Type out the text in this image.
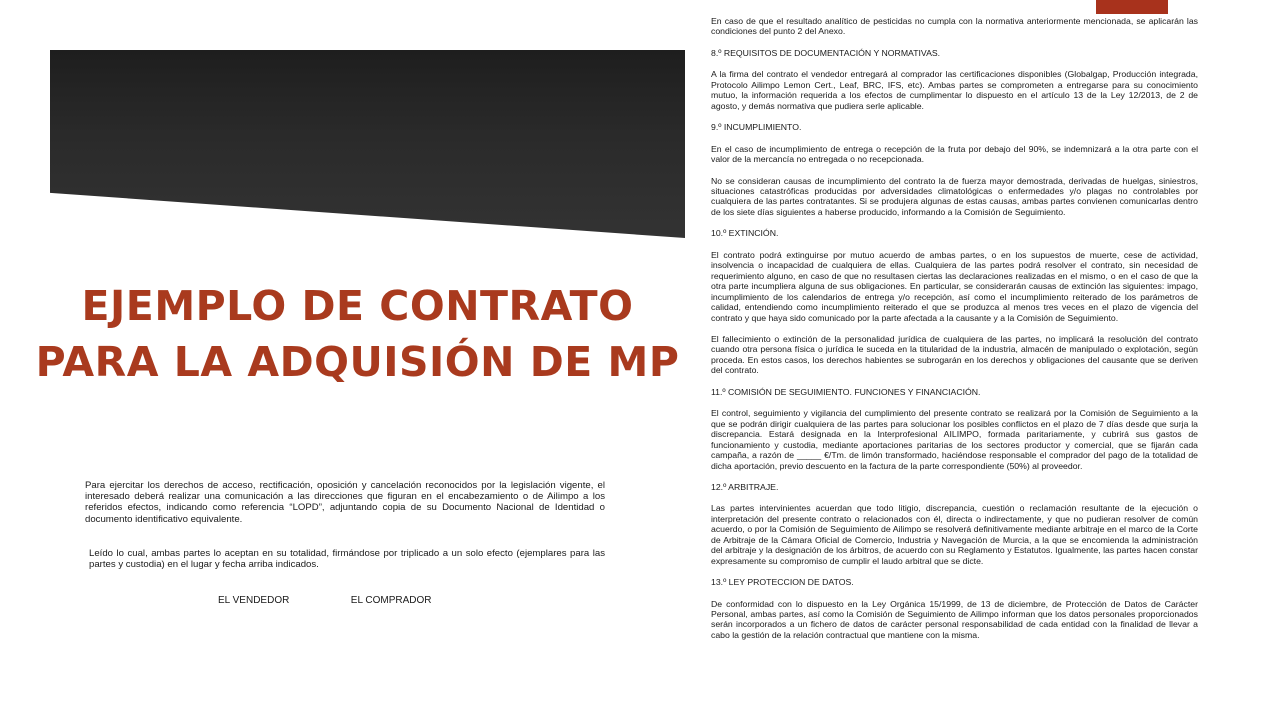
EJEMPLO DE CONTRATO
PARA LA ADQUISIÓN DE MP

Para ejercitar los derechos de acceso, rectificación, oposición y cancelación reconocidos por la legislación vigente, el interesado deberá realizar una comunicación a las direcciones que figuran en el encabezamiento o de Ailimpo a los referidos efectos, indicando como referencia “LOPD”, adjuntando copia de su Documento Nacional de Identidad o documento identificativo equivalente.

Leído lo cual, ambas partes lo aceptan en su totalidad, firmándose por triplicado a un solo efecto (ejemplares para las partes y custodia) en el lugar y fecha arriba indicados.

EL VENDEDOR	EL COMPRADOR

En caso de que el resultado analítico de pesticidas no cumpla con la normativa anteriormente mencionada, se aplicarán las condiciones del punto 2 del Anexo.

8.º REQUISITOS DE DOCUMENTACIÓN Y NORMATIVAS.

A la firma del contrato el vendedor entregará al comprador las certificaciones disponibles (Globalgap, Producción integrada, Protocolo Ailimpo Lemon Cert., Leaf, BRC, IFS, etc). Ambas partes se comprometen a entregarse para su conocimiento mutuo, la información requerida a los efectos de cumplimentar lo dispuesto en el artículo 13 de la Ley 12/2013, de 2 de agosto, y demás normativa que pudiera serle aplicable.

9.º INCUMPLIMIENTO.

En el caso de incumplimiento de entrega o recepción de la fruta por debajo del 90%, se indemnizará a la otra parte con el valor de la mercancía no entregada o no recepcionada.

No se consideran causas de incumplimiento del contrato la de fuerza mayor demostrada, derivadas de huelgas, siniestros, situaciones catastróficas producidas por adversidades climatológicas o enfermedades y/o plagas no controlables por cualquiera de las partes contratantes. Si se produjera algunas de estas causas, ambas partes convienen comunicarlas dentro de los siete días siguientes a haberse producido, informando a la Comisión de Seguimiento.

10.º EXTINCIÓN.

El contrato podrá extinguirse por mutuo acuerdo de ambas partes, o en los supuestos de muerte, cese de actividad, insolvencia o incapacidad de cualquiera de ellas. Cualquiera de las partes podrá resolver el contrato, sin necesidad de requerimiento alguno, en caso de que no resultasen ciertas las declaraciones realizadas en el mismo, o en el caso de que la otra parte incumpliera alguna de sus obligaciones. En particular, se considerarán causas de extinción las siguientes: impago, incumplimiento de los calendarios de entrega y/o recepción, así como el incumplimiento reiterado de los parámetros de calidad, entendiendo como incumplimiento reiterado el que se produzca al menos tres veces en el plazo de vigencia del contrato y que haya sido comunicado por la parte afectada a la causante y a la Comisión de Seguimiento.

El fallecimiento o extinción de la personalidad jurídica de cualquiera de las partes, no implicará la resolución del contrato cuando otra persona física o jurídica le suceda en la titularidad de la industria, almacén de manipulado o explotación, según proceda. En estos casos, los derechos habientes se subrogarán en los derechos y obligaciones del causante que se deriven del contrato.

11.º COMISIÓN DE SEGUIMIENTO. FUNCIONES Y FINANCIACIÓN.

El control, seguimiento y vigilancia del cumplimiento del presente contrato se realizará por la Comisión de Seguimiento a la que se podrán dirigir cualquiera de las partes para solucionar los posibles conflictos en el plazo de 7 días desde que surja la discrepancia. Estará designada en la Interprofesional AILIMPO, formada paritariamente, y cubrirá sus gastos de funcionamiento y custodia, mediante aportaciones paritarias de los sectores productor y comercial, que se fijarán cada campaña, a razón de _____ €/Tm. de limón transformado, haciéndose responsable el comprador del pago de la totalidad de dicha aportación, previo descuento en la factura de la parte correspondiente (50%) al proveedor.

12.º ARBITRAJE.

Las partes intervinientes acuerdan que todo litigio, discrepancia, cuestión o reclamación resultante de la ejecución o interpretación del presente contrato o relacionados con él, directa o indirectamente, y que no pudieran resolver de común acuerdo, o por la Comisión de Seguimiento de Ailimpo se resolverá definitivamente mediante arbitraje en el marco de la Corte de Arbitraje de la Cámara Oficial de Comercio, Industria y Navegación de Murcia, a la que se encomienda la administración del arbitraje y la designación de los árbitros, de acuerdo con su Reglamento y Estatutos. Igualmente, las partes hacen constar expresamente su compromiso de cumplir el laudo arbitral que se dicte.

13.º LEY PROTECCION DE DATOS.

De conformidad con lo dispuesto en la Ley Orgánica 15/1999, de 13 de diciembre, de Protección de Datos de Carácter Personal, ambas partes, así como la Comisión de Seguimiento de Ailimpo informan que los datos personales proporcionados serán incorporados a un fichero de datos de carácter personal responsabilidad de cada entidad con la finalidad de llevar a cabo la gestión de la relación contractual que mantiene con la misma.
